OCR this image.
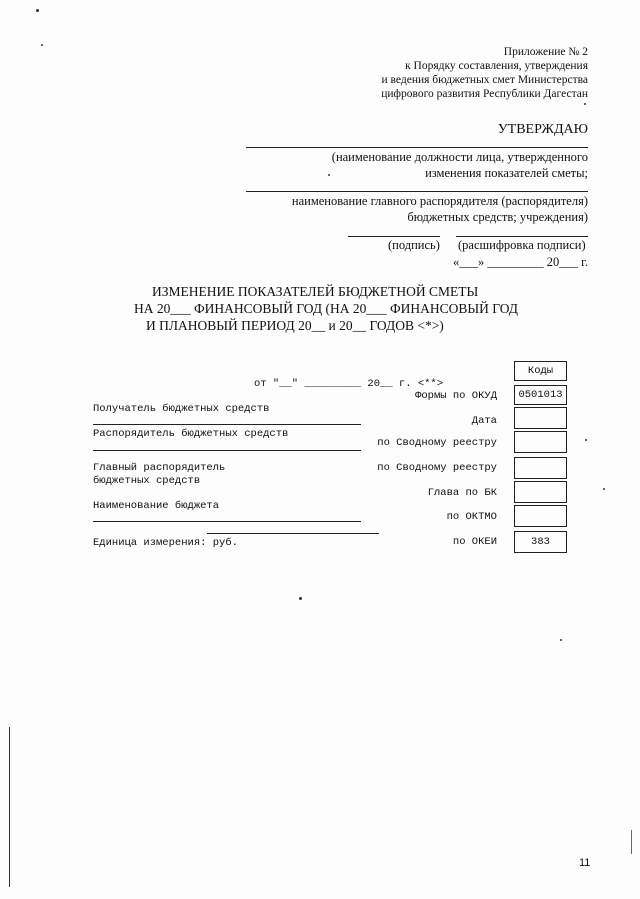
Приложение № 2
к Порядку составления, утверждения
и ведения бюджетных смет Министерства
цифрового развития Республики Дагестан
УТВЕРЖДАЮ
(наименование должности лица, утвержденного
изменения показателей сметы;
наименование главного распорядителя (распорядителя)
бюджетных средств; учреждения)
(подпись) (расшифровка подписи)
«___» _________ 20___ г.
ИЗМЕНЕНИЕ ПОКАЗАТЕЛЕЙ БЮДЖЕТНОЙ СМЕТЫ
НА 20___ ФИНАНСОВЫЙ ГОД (НА 20___ ФИНАНСОВЫЙ ГОД
И ПЛАНОВЫЙ ПЕРИОД 20__ и 20__ ГОДОВ <*>)
от "__" _________ 20__ г. <**>
Коды
0501013
383
Формы по ОКУД
Дата
по Сводному реестру
по Сводному реестру
Глава по БК
по ОКТМО
по ОКЕИ
Получатель бюджетных средств
Распорядитель бюджетных средств
Главный распорядитель
бюджетных средств
Наименование бюджета
Единица измерения: руб.
11
